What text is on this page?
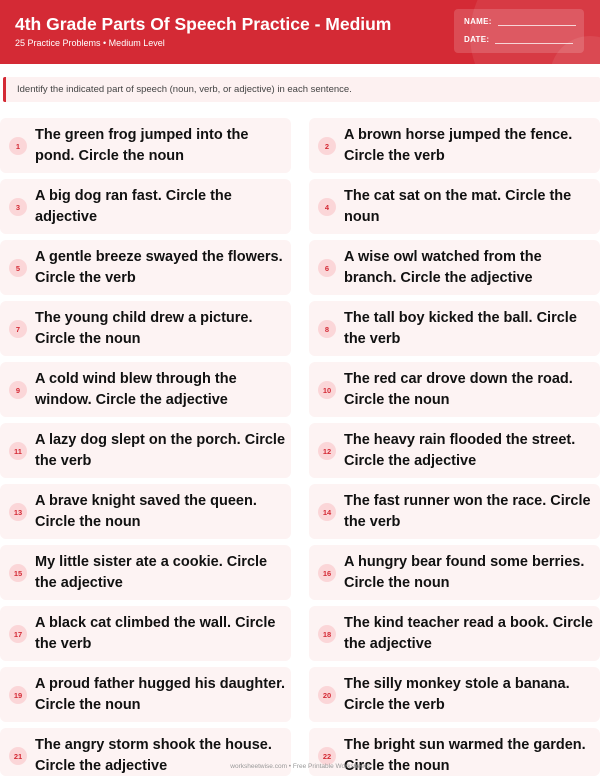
4th Grade Parts Of Speech Practice - Medium
25 Practice Problems • Medium Level
NAME:
DATE:
Identify the indicated part of speech (noun, verb, or adjective) in each sentence.
1
The green frog jumped into the pond. Circle the noun
2
A brown horse jumped the fence. Circle the verb
3
A big dog ran fast. Circle the adjective
4
The cat sat on the mat. Circle the noun
5
A gentle breeze swayed the flowers. Circle the verb
6
A wise owl watched from the branch. Circle the adjective
7
The young child drew a picture. Circle the noun
8
The tall boy kicked the ball. Circle the verb
9
A cold wind blew through the window. Circle the adjective
10
The red car drove down the road. Circle the noun
11
A lazy dog slept on the porch. Circle the verb
12
The heavy rain flooded the street. Circle the adjective
13
A brave knight saved the queen. Circle the noun
14
The fast runner won the race. Circle the verb
15
My little sister ate a cookie. Circle the adjective
16
A hungry bear found some berries. Circle the noun
17
A black cat climbed the wall. Circle the verb
18
The kind teacher read a book. Circle the adjective
19
A proud father hugged his daughter. Circle the noun
20
The silly monkey stole a banana. Circle the verb
21
The angry storm shook the house. Circle the adjective
22
The bright sun warmed the garden. Circle the noun
worksheetwise.com • Free Printable Worksheets
